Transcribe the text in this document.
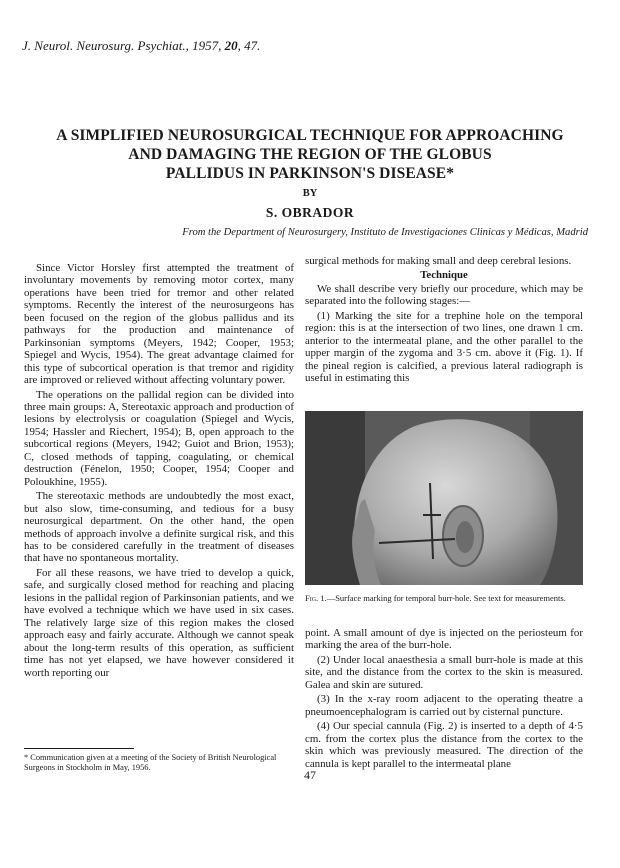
J. Neurol. Neurosurg. Psychiat., 1957, 20, 47.
A SIMPLIFIED NEUROSURGICAL TECHNIQUE FOR APPROACHING
AND DAMAGING THE REGION OF THE GLOBUS
PALLIDUS IN PARKINSON'S DISEASE*
BY
S. OBRADOR
From the Department of Neurosurgery, Instituto de Investigaciones Clinicas y Médicas, Madrid

Since Victor Horsley first attempted the treatment of involuntary movements by removing motor cortex, many operations have been tried for tremor and other related symptoms. Recently the interest of the neurosurgeons has been focused on the region of the globus pallidus and its pathways for the production and maintenance of Parkinsonian symptoms (Meyers, 1942; Cooper, 1953; Spiegel and Wycis, 1954). The great advantage claimed for this type of subcortical operation is that tremor and rigidity are improved or relieved without affecting voluntary power.

The operations on the pallidal region can be divided into three main groups: A, Stereotaxic approach and production of lesions by electrolysis or coagulation (Spiegel and Wycis, 1954; Hassler and Riechert, 1954); B, open approach to the subcortical regions (Meyers, 1942; Guiot and Brion, 1953); C, closed methods of tapping, coagulating, or chemical destruction (Fénelon, 1950; Cooper, 1954; Cooper and Poloukhine, 1955).

The stereotaxic methods are undoubtedly the most exact, but also slow, time-consuming, and tedious for a busy neurosurgical department. On the other hand, the open methods of approach involve a definite surgical risk, and this has to be considered carefully in the treatment of diseases that have no spontaneous mortality.

For all these reasons, we have tried to develop a quick, safe, and surgically closed method for reaching and placing lesions in the pallidal region of Parkinsonian patients, and we have evolved a technique which we have used in six cases. The relatively large size of this region makes the closed approach easy and fairly accurate. Although we cannot speak about the long-term results of this operation, as sufficient time has not yet elapsed, we have however considered it worth reporting our

surgical methods for making small and deep cerebral lesions.

Technique

We shall describe very briefly our procedure, which may be separated into the following stages:—

(1) Marking the site for a trephine hole on the temporal region: this is at the intersection of two lines, one drawn 1 cm. anterior to the intermeatal plane, and the other parallel to the upper margin of the zygoma and 3·5 cm. above it (Fig. 1). If the pineal region is calcified, a previous lateral radiograph is useful in estimating this

Fig. 1.—Surface marking for temporal burr-hole. See text for measurements.

point. A small amount of dye is injected on the periosteum for marking the area of the burr-hole.

(2) Under local anaesthesia a small burr-hole is made at this site, and the distance from the cortex to the skin is measured. Galea and skin are sutured.

(3) In the x-ray room adjacent to the operating theatre a pneumoencephalogram is carried out by cisternal puncture.

(4) Our special cannula (Fig. 2) is inserted to a depth of 4·5 cm. from the cortex plus the distance from the cortex to the skin which was previously measured. The direction of the cannula is kept parallel to the intermeatal plane

* Communication given at a meeting of the Society of British Neurological Surgeons in Stockholm in May, 1956.
47
